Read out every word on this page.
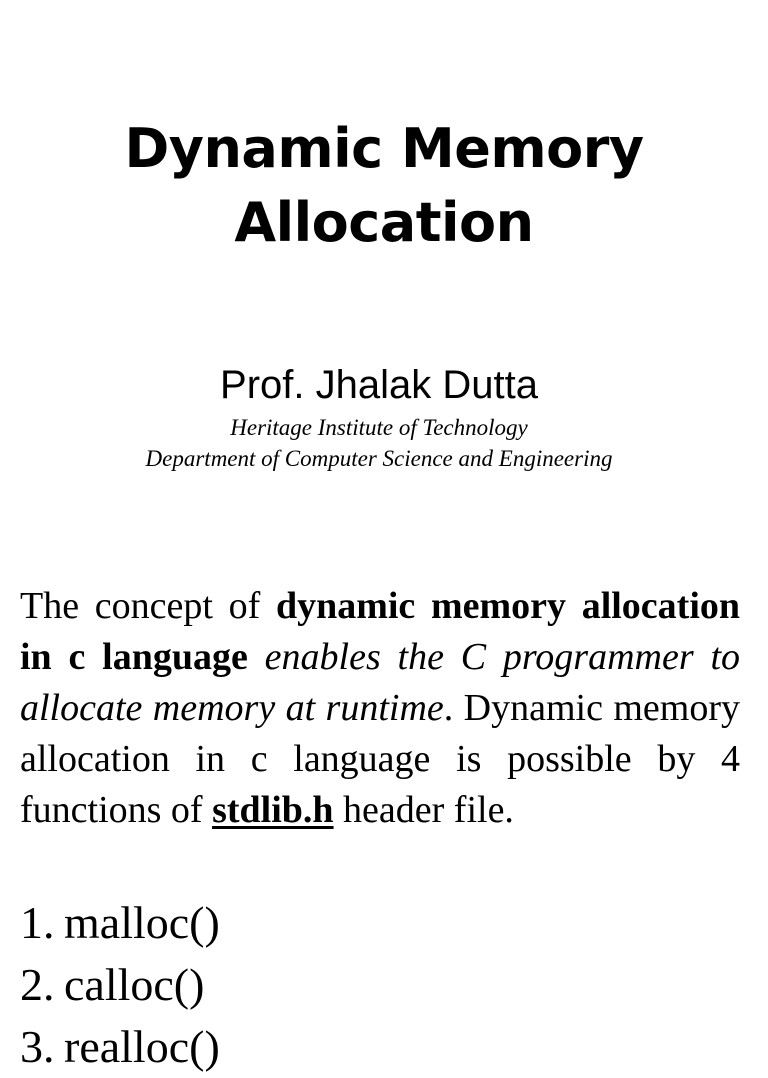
Dynamic Memory
Allocation
Prof. Jhalak Dutta
Heritage Institute of Technology
Department of Computer Science and Engineering

The concept of dynamic memory allocation in c language enables the C programmer to allocate memory at runtime. Dynamic memory allocation in c language is possible by 4 functions of stdlib.h header file.

1. malloc()
2. calloc()
3. realloc()
